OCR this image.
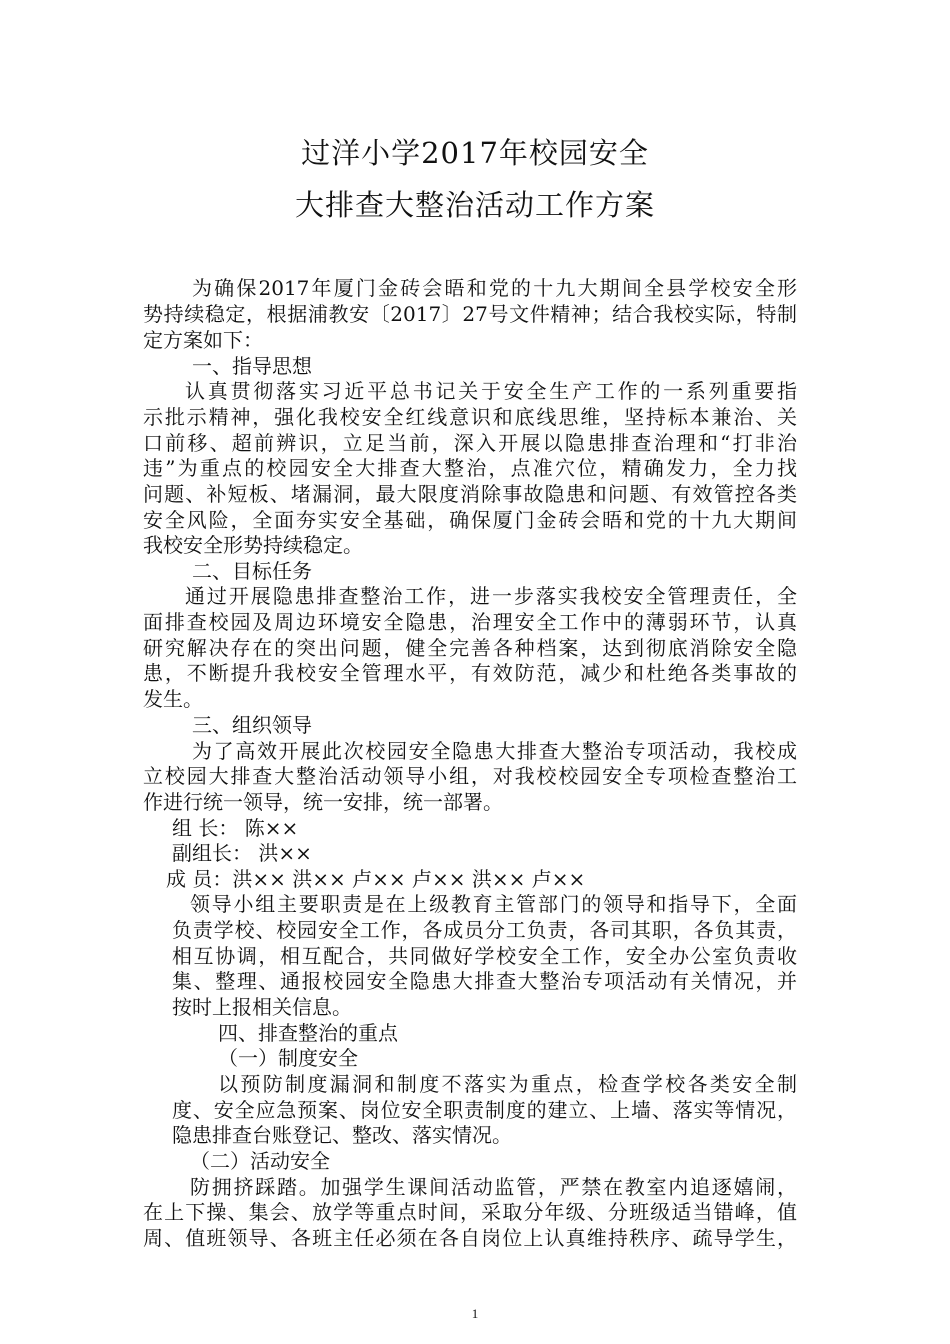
过洋小学2017年校园安全
大排查大整治活动工作方案
为确保2017年厦门金砖会晤和党的十九大期间全县学校安全形
势持续稳定，根据浦教安〔2017〕27号文件精神；结合我校实际，特制
定方案如下：
一、指导思想
认真贯彻落实习近平总书记关于安全生产工作的一系列重要指
示批示精神，强化我校安全红线意识和底线思维，坚持标本兼治、关
口前移、超前辨识，立足当前，深入开展以隐患排查治理和“打非治
违”为重点的校园安全大排查大整治，点准穴位，精确发力，全力找
问题、补短板、堵漏洞，最大限度消除事故隐患和问题、有效管控各类
安全风险，全面夯实安全基础，确保厦门金砖会晤和党的十九大期间
我校安全形势持续稳定。
二、目标任务
通过开展隐患排查整治工作，进一步落实我校安全管理责任，全
面排查校园及周边环境安全隐患，治理安全工作中的薄弱环节，认真
研究解决存在的突出问题，健全完善各种档案，达到彻底消除安全隐
患，不断提升我校安全管理水平，有效防范，减少和杜绝各类事故的
发生。
三、组织领导
为了高效开展此次校园安全隐患大排查大整治专项活动，我校成
立校园大排查大整治活动领导小组，对我校校园安全专项检查整治工
作进行统一领导，统一安排，统一部署。
组 长： 陈××
副组长： 洪××
成 员：洪×× 洪×× 卢×× 卢×× 洪×× 卢××
领导小组主要职责是在上级教育主管部门的领导和指导下，全面
负责学校、校园安全工作，各成员分工负责，各司其职，各负其责，
相互协调，相互配合，共同做好学校安全工作，安全办公室负责收
集、整理、通报校园安全隐患大排查大整治专项活动有关情况，并
按时上报相关信息。
四、排查整治的重点
（一）制度安全
以预防制度漏洞和制度不落实为重点，检查学校各类安全制
度、安全应急预案、岗位安全职责制度的建立、上墙、落实等情况，
隐患排查台账登记、整改、落实情况。
（二）活动安全
防拥挤踩踏。加强学生课间活动监管，严禁在教室内追逐嬉闹，
在上下操、集会、放学等重点时间，采取分年级、分班级适当错峰，值
周、值班领导、各班主任必须在各自岗位上认真维持秩序、疏导学生，
1
